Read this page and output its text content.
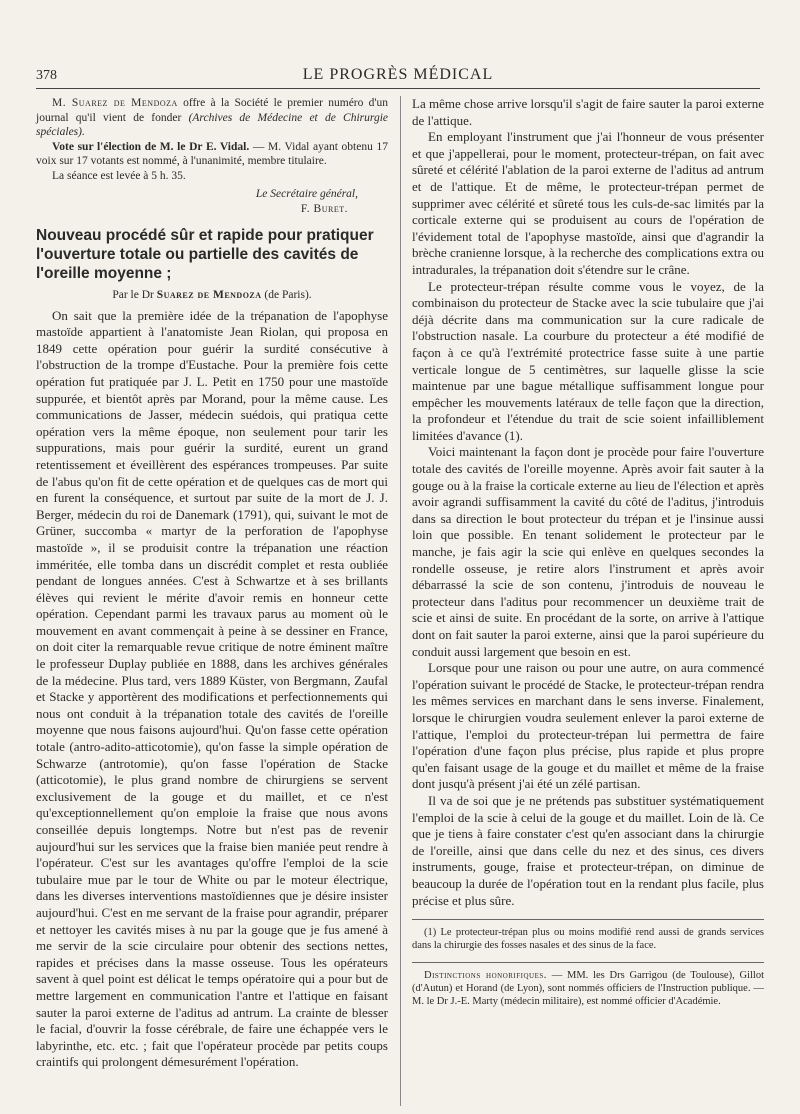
378	LE PROGRÈS MÉDICAL

M. Suarez de Mendoza offre à la Société le premier numéro d'un journal qu'il vient de fonder (Archives de Médecine et de Chirurgie spéciales).

Vote sur l'élection de M. le Dr E. Vidal. — M. Vidal ayant obtenu 17 voix sur 17 votants est nommé, à l'unanimité, membre titulaire.

La séance est levée à 5 h. 35.

Le Secrétaire général,
F. Buret.
Nouveau procédé sûr et rapide pour pratiquer l'ouverture totale ou partielle des cavités de l'oreille moyenne ;
Par le Dr Suarez de Mendoza (de Paris).

On sait que la première idée de la trépanation de l'apophyse mastoïde appartient à l'anatomiste Jean Riolan, qui proposa en 1849 cette opération pour guérir la surdité consécutive à l'obstruction de la trompe d'Eustache. Pour la première fois cette opération fut pratiquée par J. L. Petit en 1750 pour une mastoïde suppurée, et bientôt après par Morand, pour la même cause. Les communications de Jasser, médecin suédois, qui pratiqua cette opération vers la même époque, non seulement pour tarir les suppurations, mais pour guérir la surdité, eurent un grand retentissement et éveillèrent des espérances trompeuses. Par suite de l'abus qu'on fit de cette opération et de quelques cas de mort qui en furent la conséquence, et surtout par suite de la mort de J. J. Berger, médecin du roi de Danemark (1791), qui, suivant le mot de Grüner, succomba « martyr de la perforation de l'apophyse mastoïde », il se produisit contre la trépanation une réaction imméritée, elle tomba dans un discrédit complet et resta oubliée pendant de longues années. C'est à Schwartze et à ses brillants élèves qui revient le mérite d'avoir remis en honneur cette opération. Cependant parmi les travaux parus au moment où le mouvement en avant commençait à peine à se dessiner en France, on doit citer la remarquable revue critique de notre éminent maître le professeur Duplay publiée en 1888, dans les archives générales de la médecine. Plus tard, vers 1889 Küster, von Bergmann, Zaufal et Stacke y apportèrent des modifications et perfectionnements qui nous ont conduit à la trépanation totale des cavités de l'oreille moyenne que nous faisons aujourd'hui. Qu'on fasse cette opération totale (antro-adito-atticotomie), qu'on fasse la simple opération de Schwarze (antrotomie), qu'on fasse l'opération de Stacke (atticotomie), le plus grand nombre de chirurgiens se servent exclusivement de la gouge et du maillet, et ce n'est qu'exceptionnellement qu'on emploie la fraise que nous avons conseillée depuis longtemps. Notre but n'est pas de revenir aujourd'hui sur les services que la fraise bien maniée peut rendre à l'opérateur. C'est sur les avantages qu'offre l'emploi de la scie tubulaire mue par le tour de White ou par le moteur électrique, dans les diverses interventions mastoïdiennes que je désire insister aujourd'hui. C'est en me servant de la fraise pour agrandir, préparer et nettoyer les cavités mises à nu par la gouge que je fus amené à me servir de la scie circulaire pour obtenir des sections nettes, rapides et précises dans la masse osseuse. Tous les opérateurs savent à quel point est délicat le temps opératoire qui a pour but de mettre largement en communication l'antre et l'attique en faisant sauter la paroi externe de l'aditus ad antrum. La crainte de blesser le facial, d'ouvrir la fosse cérébrale, de faire une échappée vers le labyrinthe, etc. etc. ; fait que l'opérateur procède par petits coups craintifs qui prolongent démesurément l'opération.

La même chose arrive lorsqu'il s'agit de faire sauter la paroi externe de l'attique.

En employant l'instrument que j'ai l'honneur de vous présenter et que j'appellerai, pour le moment, protecteur-trépan, on fait avec sûreté et célérité l'ablation de la paroi externe de l'aditus ad antrum et de l'attique. Et de même, le protecteur-trépan permet de supprimer avec célérité et sûreté tous les culs-de-sac limités par la corticale externe qui se produisent au cours de l'opération de l'évidement total de l'apophyse mastoïde, ainsi que d'agrandir la brèche cranienne lorsque, à la recherche des complications extra ou intradurales, la trépanation doit s'étendre sur le crâne.

Le protecteur-trépan résulte comme vous le voyez, de la combinaison du protecteur de Stacke avec la scie tubulaire que j'ai déjà décrite dans ma communication sur la cure radicale de l'obstruction nasale. La courbure du protecteur a été modifié de façon à ce qu'à l'extrémité protectrice fasse suite à une partie verticale longue de 5 centimètres, sur laquelle glisse la scie maintenue par une bague métallique suffisamment longue pour empêcher les mouvements latéraux de telle façon que la direction, la profondeur et l'étendue du trait de scie soient infailliblement limitées d'avance (1).

Voici maintenant la façon dont je procède pour faire l'ouverture totale des cavités de l'oreille moyenne. Après avoir fait sauter à la gouge ou à la fraise la corticale externe au lieu de l'élection et après avoir agrandi suffisamment la cavité du côté de l'aditus, j'introduis dans sa direction le bout protecteur du trépan et je l'insinue aussi loin que possible. En tenant solidement le protecteur par le manche, je fais agir la scie qui enlève en quelques secondes la rondelle osseuse, je retire alors l'instrument et après avoir débarrassé la scie de son contenu, j'introduis de nouveau le protecteur dans l'aditus pour recommencer un deuxième trait de scie et ainsi de suite. En procédant de la sorte, on arrive à l'attique dont on fait sauter la paroi externe, ainsi que la paroi supérieure du conduit aussi largement que besoin en est.

Lorsque pour une raison ou pour une autre, on aura commencé l'opération suivant le procédé de Stacke, le protecteur-trépan rendra les mêmes services en marchant dans le sens inverse. Finalement, lorsque le chirurgien voudra seulement enlever la paroi externe de l'attique, l'emploi du protecteur-trépan lui permettra de faire l'opération d'une façon plus précise, plus rapide et plus propre qu'en faisant usage de la gouge et du maillet et même de la fraise dont jusqu'à présent j'ai été un zélé partisan.

Il va de soi que je ne prétends pas substituer systématiquement l'emploi de la scie à celui de la gouge et du maillet. Loin de là. Ce que je tiens à faire constater c'est qu'en associant dans la chirurgie de l'oreille, ainsi que dans celle du nez et des sinus, ces divers instruments, gouge, fraise et protecteur-trépan, on diminue de beaucoup la durée de l'opération tout en la rendant plus facile, plus précise et plus sûre.

(1) Le protecteur-trépan plus ou moins modifié rend aussi de grands services dans la chirurgie des fosses nasales et des sinus de la face.

Distinctions honorifiques. — MM. les Drs Garrigou (de Toulouse), Gillot (d'Autun) et Horand (de Lyon), sont nommés officiers de l'Instruction publique. — M. le Dr J.-E. Marty (médecin militaire), est nommé officier d'Académie.
